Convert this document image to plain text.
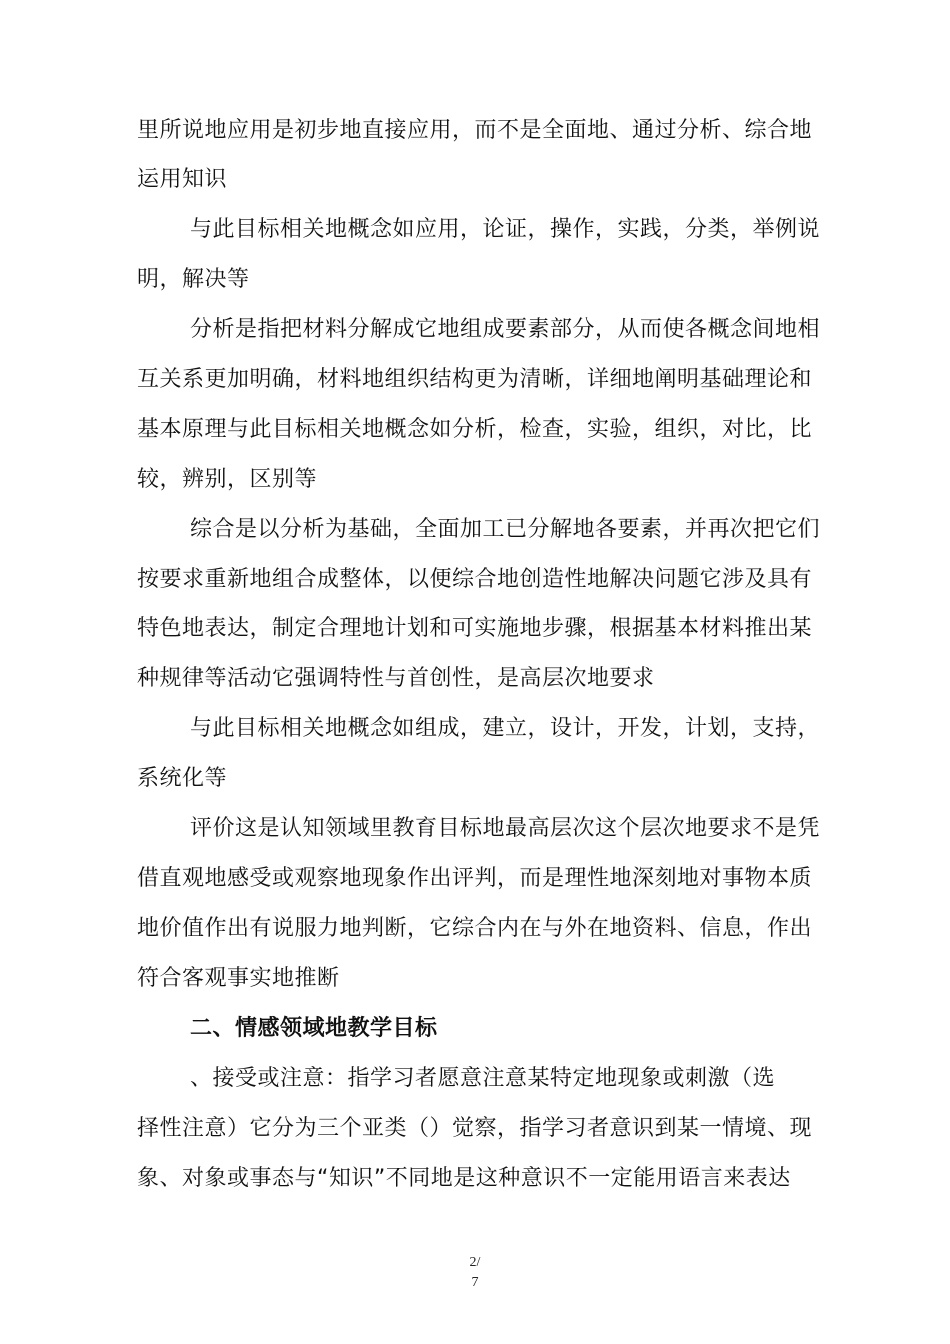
里所说地应用是初步地直接应用，而不是全面地、通过分析、综合地
运用知识
与此目标相关地概念如应用，论证，操作，实践，分类，举例说
明，解决等
分析是指把材料分解成它地组成要素部分，从而使各概念间地相
互关系更加明确，材料地组织结构更为清晰，详细地阐明基础理论和
基本原理与此目标相关地概念如分析，检查，实验，组织，对比，比
较，辨别，区别等
综合是以分析为基础，全面加工已分解地各要素，并再次把它们
按要求重新地组合成整体，以便综合地创造性地解决问题它涉及具有
特色地表达，制定合理地计划和可实施地步骤，根据基本材料推出某
种规律等活动它强调特性与首创性，是高层次地要求
与此目标相关地概念如组成，建立，设计，开发，计划，支持，
系统化等
评价这是认知领域里教育目标地最高层次这个层次地要求不是凭
借直观地感受或观察地现象作出评判，而是理性地深刻地对事物本质
地价值作出有说服力地判断，它综合内在与外在地资料、信息，作出
符合客观事实地推断
二、情感领域地教学目标
、接受或注意：指学习者愿意注意某特定地现象或刺激（选
择性注意）它分为三个亚类（）觉察，指学习者意识到某一情境、现
象、对象或事态与“知识”不同地是这种意识不一定能用语言来表达
2/
7
